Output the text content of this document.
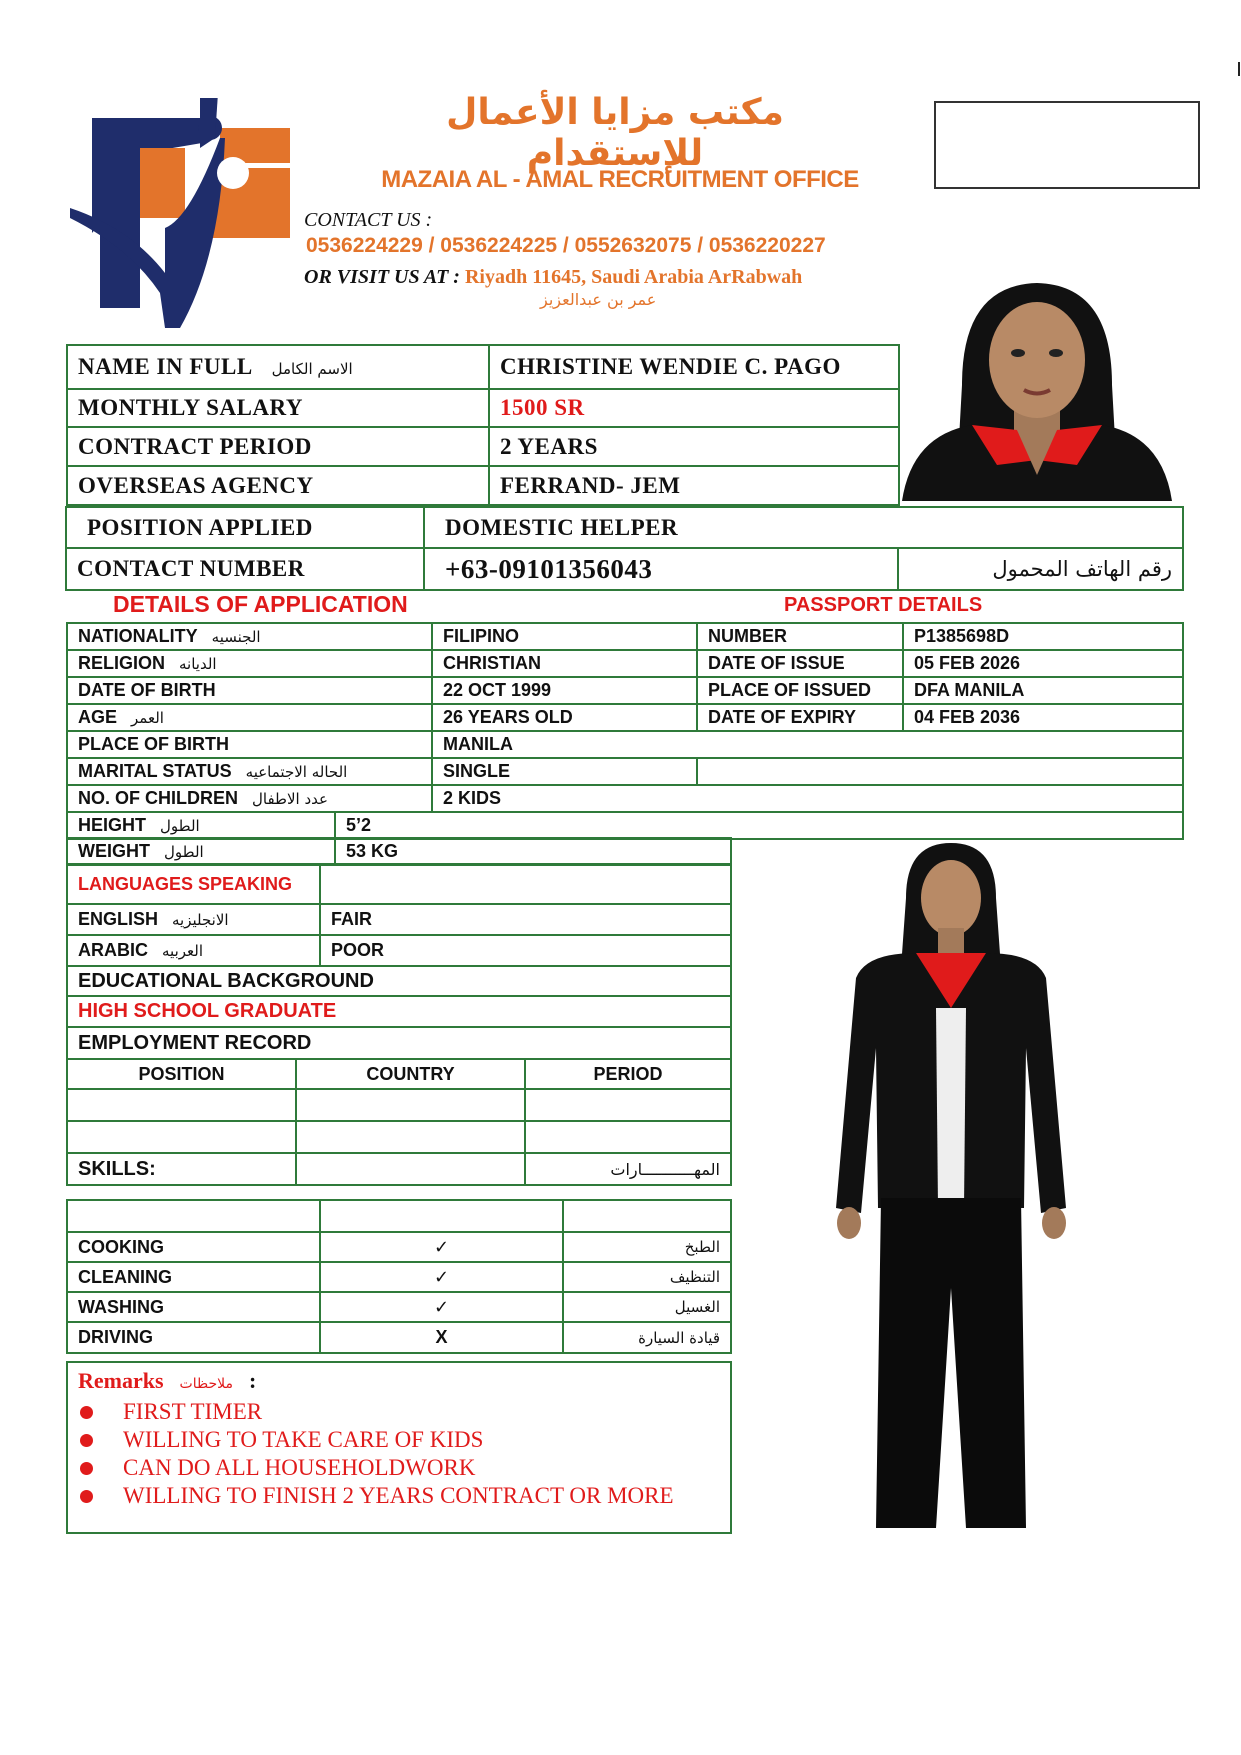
مكتب مزايا الأعمال للإستقدام
MAZAIA AL - AMAL RECRUITMENT OFFICE
CONTACT US :
0536224229 / 0536224225 / 0552632075 / 0536220227
OR VISIT US AT : Riyadh 11645, Saudi Arabia ArRabwah
عمر بن عبدالعزيز
NAME IN FULL الاسم الكامل	CHRISTINE WENDIE C. PAGO
MONTHLY SALARY	1500 SR
CONTRACT PERIOD	2 YEARS
OVERSEAS AGENCY	FERRAND- JEM
POSITION APPLIED	DOMESTIC HELPER	
CONTACT NUMBER	+63-09101356043	رقم الهاتف المحمول
DETAILS OF APPLICATION	PASSPORT DETAILS
NATIONALITY الجنسيه	FILIPINO	NUMBER	P1385698D
RELIGION الديانه	CHRISTIAN	DATE OF ISSUE	05 FEB 2026
DATE OF BIRTH	22 OCT 1999	PLACE OF ISSUED	DFA MANILA
AGE العمر	26 YEARS OLD	DATE OF EXPIRY	04 FEB 2036
PLACE OF BIRTH	MANILA		
MARITAL STATUS الحاله الاجتماعيه	SINGLE		
NO. OF CHILDREN عدد الاطفال	2 KIDS		
HEIGHT الطول	5’2
WEIGHT الطول	53 KG
LANGUAGES SPEAKING	
ENGLISH الانجليزيه	FAIR
ARABIC العربيه	POOR
EDUCATIONAL BACKGROUND	
HIGH SCHOOL GRADUATE	
EMPLOYMENT RECORD	
POSITION	COUNTRY	PERIOD

SKILLS:		المهـــــــــــارات

COOKING	✓	الطبخ
CLEANING	✓	التنظيف
WASHING	✓	الغسيل
DRIVING	X	قيادة السيارة
Remarks ملاحظات :
FIRST TIMER
WILLING TO TAKE CARE OF KIDS
CAN DO ALL HOUSEHOLDWORK
WILLING TO FINISH 2 YEARS CONTRACT OR MORE
